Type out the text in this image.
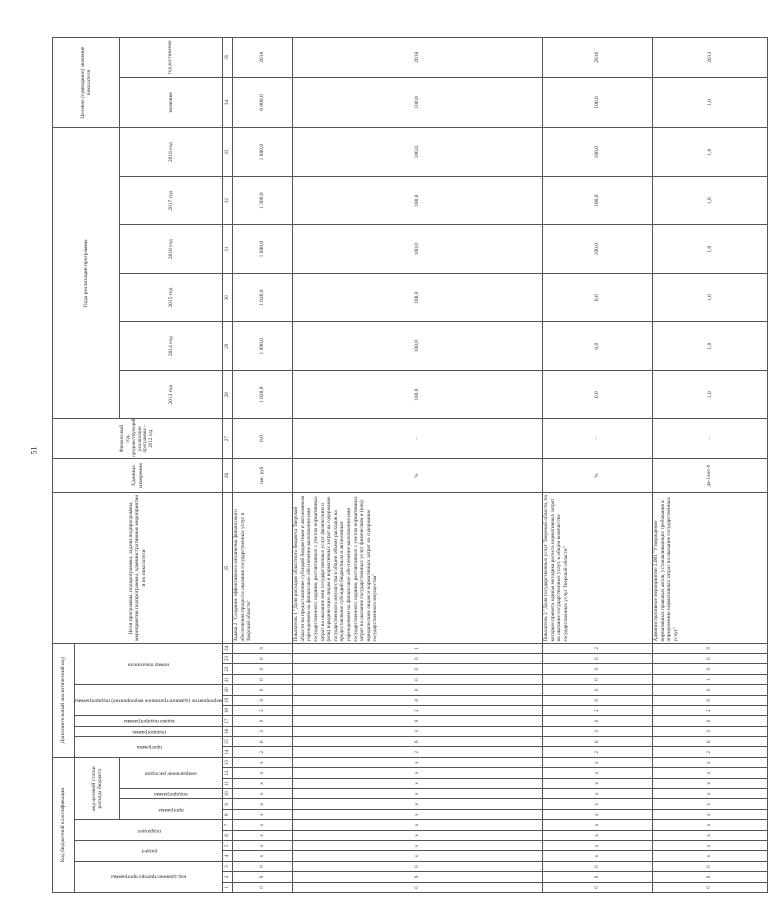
51
Код бюджетной классификации													Дополнительный аналитический код											Цели программы, подпрограммы, задачи подпрограммы, мероприятия подпрограммы, административные мероприятия и их показатели	Единица измерения	Финансовый год, предшествующий реализации программы – 2012 год	Годы реализации программы						Целевое (суммарное) значение показателя	
код администратора программы			раздел		подраздел		код целевой статьи расхода бюджета						программа		подпрограмма	задача подпрограммы	мероприятие (административное мероприятие) подпрограммы			номер показателя														
							программа		подпрограмма	направление расходов																	2013 год	2014 год	2015 год	2016 год	2017 год	2018 год	значение	год достижения
1	2	3	4	5	6	7	8	9	10	11	12	13	14	15	16	17	18	19	20	21	22	23	24	25	26	27	28	29	30	31	32	33	34	35
0	9	0	х	х	х	х	х	х	х	х	х	х	2	6	3	0	2	0	0	0	0	0	0	Задача 2 "Создание эффективного механизма финансового обеспечения процесса оказания государственных услуг в Тверской области"	тыс. руб	0,0	1 020,0	1 090,0	1 040,0	1 080,0	1 300,0	1 080,0	6 000,0	2018
0	9	0	х	х	х	х	х	х	х	х	х	х	2	6	3	0	2	0	0	0	0	0	1	Показатель 1 "Доля расходов областного бюджета Тверской области на предоставление субсидий бюджетным и автономным учреждениям на финансовое обеспечение выполнения ими государственного задания, рассчитанных с учетом нормативных затрат на оказание ими государственных услуг физическим и (или) юридическим лицам и нормативных затрат на содержание государственного имущества в общем объеме расходов на предоставление субсидий бюджетным и автономным учреждениям на финансовое обеспечение выполнения ими государственного задания, рассчитанных с учетом нормативных затрат на оказание государственных услуг физическим и (или) юридическим лицам и нормативных затрат на содержание государственного имущества"	%	-	100,0	100,0	100,0	100,0	100,0	100,0	100,0	2018
0	9	0	х	х	х	х	х	х	х	х	х	х	2	6	3	0	2	0	0	0	0	0	2	Показатель 2 "Доля государственных услуг Тверской области, по которым принята единая методика расчета нормативных затрат на оказание государственных услуг, в общем количестве государственных услуг Тверской области"	%	-	0,0	0,0	0,0	100,0	100,0	100,0	100,0	2016
0	9	0	х	х	х	х	х	х	х	х	х	х	2	6	3	0	2	0	0	1	0	0	0	Административное мероприятие 2.001 "Утверждение нормативных правовых актов, устанавливающих требования к определению нормативных затрат на оказание государственных услуг"	да-1/нет-0	-	1,0	1,0	1,0	1,0	1,0	1,0	1,0	2013
